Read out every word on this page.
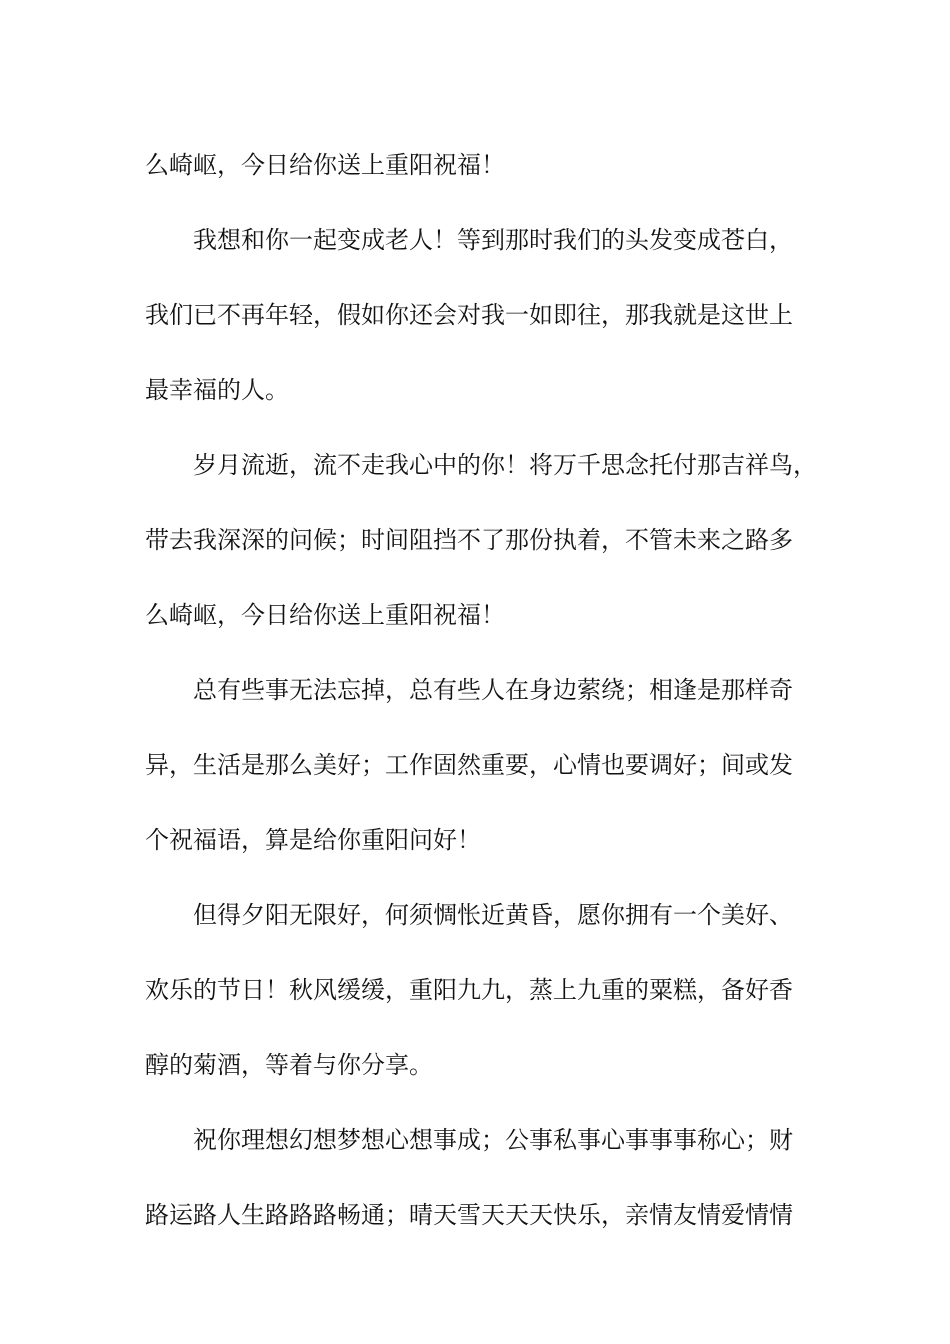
么崎岖，今日给你送上重阳祝福！
我想和你一起变成老人！等到那时我们的头发变成苍白，
我们已不再年轻，假如你还会对我一如即往，那我就是这世上
最幸福的人。
岁月流逝，流不走我心中的你！将万千思念托付那吉祥鸟，
带去我深深的问候；时间阻挡不了那份执着，不管未来之路多
么崎岖，今日给你送上重阳祝福！
总有些事无法忘掉，总有些人在身边萦绕；相逢是那样奇
异，生活是那么美好；工作固然重要，心情也要调好；间或发
个祝福语，算是给你重阳问好！
但得夕阳无限好，何须惆怅近黄昏，愿你拥有一个美好、
欢乐的节日！秋风缓缓，重阳九九，蒸上九重的粟糕，备好香
醇的菊酒，等着与你分享。
祝你理想幻想梦想心想事成；公事私事心事事事称心；财
路运路人生路路路畅通；晴天雪天天天快乐，亲情友情爱情情
